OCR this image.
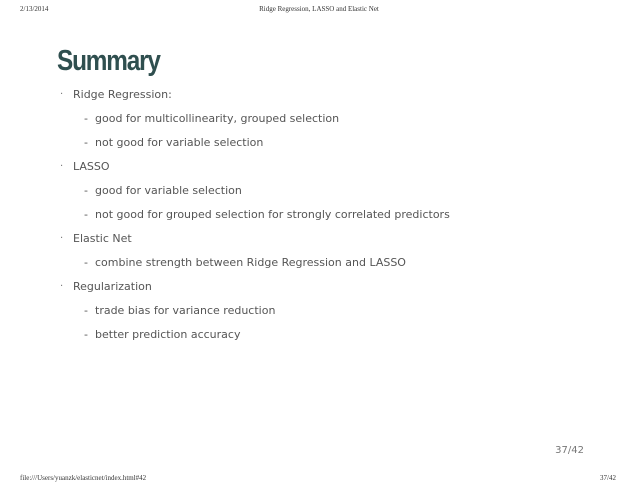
2/13/2014	Ridge Regression, LASSO and Elastic Net
Summary
· Ridge Regression:
- good for multicollinearity, grouped selection
- not good for variable selection
· LASSO
- good for variable selection
- not good for grouped selection for strongly correlated predictors
· Elastic Net
- combine strength between Ridge Regression and LASSO
· Regularization
- trade bias for variance reduction
- better prediction accuracy
37/42
file:///Users/yuanzk/elasticnet/index.html#42	37/42
